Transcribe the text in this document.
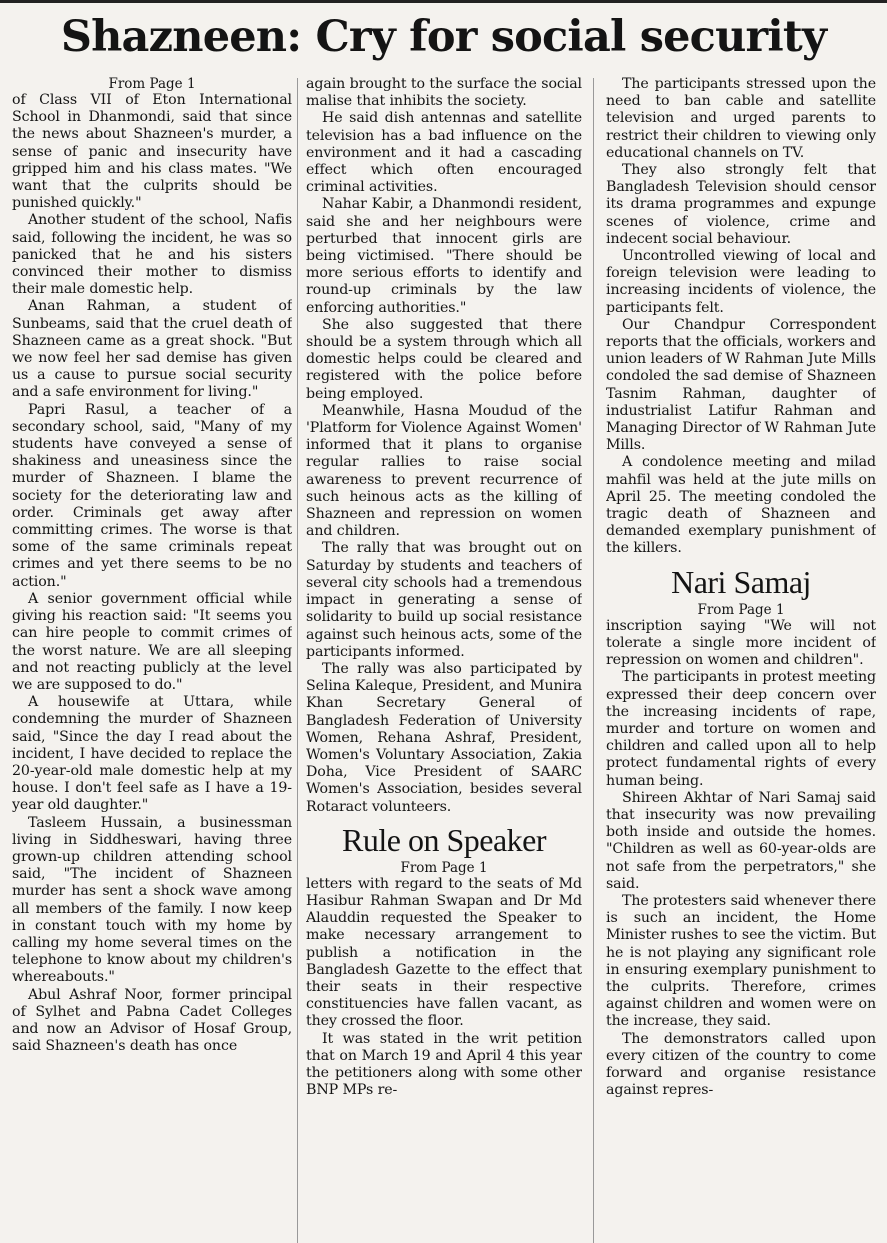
Shazneen: Cry for social security

From Page 1

of Class VII of Eton International School in Dhanmondi, said that since the news about Shazneen's murder, a sense of panic and insecurity have gripped him and his class mates. "We want that the culprits should be punished quickly."

Another student of the school, Nafis said, following the incident, he was so panicked that he and his sisters convinced their mother to dismiss their male domestic help.

Anan Rahman, a student of Sunbeams, said that the cruel death of Shazneen came as a great shock. "But we now feel her sad demise has given us a cause to pursue social security and a safe environment for living."

Papri Rasul, a teacher of a secondary school, said, "Many of my students have conveyed a sense of shakiness and uneasiness since the murder of Shazneen. I blame the society for the deteriorating law and order. Criminals get away after committing crimes. The worse is that some of the same criminals repeat crimes and yet there seems to be no action."

A senior government official while giving his reaction said: "It seems you can hire people to commit crimes of the worst nature. We are all sleeping and not reacting publicly at the level we are supposed to do."

A housewife at Uttara, while condemning the murder of Shazneen said, "Since the day I read about the incident, I have decided to replace the 20-year-old male domestic help at my house. I don't feel safe as I have a 19-year old daughter."

Tasleem Hussain, a businessman living in Siddheswari, having three grown-up children attending school said, "The incident of Shazneen murder has sent a shock wave among all members of the family. I now keep in constant touch with my home by calling my home several times on the telephone to know about my children's whereabouts."

Abul Ashraf Noor, former principal of Sylhet and Pabna Cadet Colleges and now an Advisor of Hosaf Group, said Shazneen's death has once

again brought to the surface the social malise that inhibits the society.

He said dish antennas and satellite television has a bad influence on the environment and it had a cascading effect which often encouraged criminal activities.

Nahar Kabir, a Dhanmondi resident, said she and her neighbours were perturbed that innocent girls are being victimised. "There should be more serious efforts to identify and round-up criminals by the law enforcing authorities."

She also suggested that there should be a system through which all domestic helps could be cleared and registered with the police before being employed.

Meanwhile, Hasna Moudud of the 'Platform for Violence Against Women' informed that it plans to organise regular rallies to raise social awareness to prevent recurrence of such heinous acts as the killing of Shazneen and repression on women and children.

The rally that was brought out on Saturday by students and teachers of several city schools had a tremendous impact in generating a sense of solidarity to build up social resistance against such heinous acts, some of the participants informed.

The rally was also participated by Selina Kaleque, President, and Munira Khan Secretary General of Bangladesh Federation of University Women, Rehana Ashraf, President, Women's Voluntary Association, Zakia Doha, Vice President of SAARC Women's Association, besides several Rotaract volunteers.

Rule on Speaker

From Page 1

letters with regard to the seats of Md Hasibur Rahman Swapan and Dr Md Alauddin requested the Speaker to make necessary arrangement to publish a notification in the Bangladesh Gazette to the effect that their seats in their respective constituencies have fallen vacant, as they crossed the floor.

It was stated in the writ petition that on March 19 and April 4 this year the petitioners along with some other BNP MPs re-

The participants stressed upon the need to ban cable and satellite television and urged parents to restrict their children to viewing only educational channels on TV.

They also strongly felt that Bangladesh Television should censor its drama programmes and expunge scenes of violence, crime and indecent social behaviour.

Uncontrolled viewing of local and foreign television were leading to increasing incidents of violence, the participants felt.

Our Chandpur Correspondent reports that the officials, workers and union leaders of W Rahman Jute Mills condoled the sad demise of Shazneen Tasnim Rahman, daughter of industrialist Latifur Rahman and Managing Director of W Rahman Jute Mills.

A condolence meeting and milad mahfil was held at the jute mills on April 25. The meeting condoled the tragic death of Shazneen and demanded exemplary punishment of the killers.

Nari Samaj

From Page 1

inscription saying "We will not tolerate a single more incident of repression on women and children".

The participants in protest meeting expressed their deep concern over the increasing incidents of rape, murder and torture on women and children and called upon all to help protect fundamental rights of every human being.

Shireen Akhtar of Nari Samaj said that insecurity was now prevailing both inside and outside the homes. "Children as well as 60-year-olds are not safe from the perpetrators," she said.

The protesters said whenever there is such an incident, the Home Minister rushes to see the victim. But he is not playing any significant role in ensuring exemplary punishment to the culprits. Therefore, crimes against children and women were on the increase, they said.

The demonstrators called upon every citizen of the country to come forward and organise resistance against repres-
